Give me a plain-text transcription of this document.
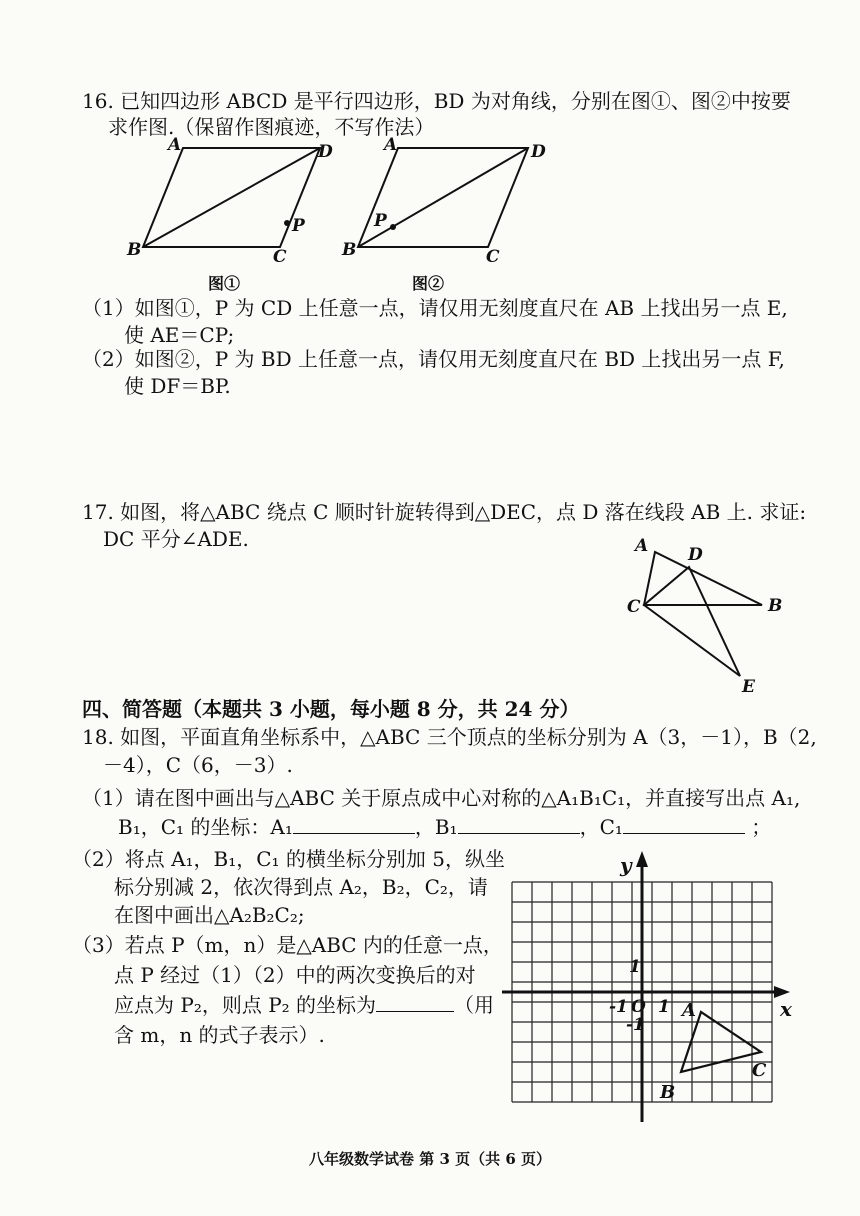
16. 已知四边形 ABCD 是平行四边形，BD 为对角线，分别在图①、图②中按要
求作图.（保留作图痕迹，不写作法）
A
B	C
D
P
图①
A
B	C
D
P
图②
（1）如图①，P 为 CD 上任意一点，请仅用无刻度直尺在 AB 上找出另一点 E,
使 AE＝CP;
（2）如图②，P 为 BD 上任意一点，请仅用无刻度直尺在 BD 上找出另一点 F,
使 DF＝BP.
17. 如图，将△ABC 绕点 C 顺时针旋转得到△DEC，点 D 落在线段 AB 上. 求证:
DC 平分∠ADE.	A
B
C
D
E
四、简答题（本题共 3 小题，每小题 8 分，共 24 分）
18. 如图，平面直角坐标系中，△ABC 三个顶点的坐标分别为 A（3，－1），B（2,
－4），C（6，－3）.
（1）请在图中画出与△ABC 关于原点成中心对称的△A₁B₁C₁，并直接写出点 A₁,
B₁，C₁ 的坐标：A₁	，B₁	，C₁	；
（2）将点 A₁，B₁，C₁ 的横坐标分别加 5，纵坐
标分别减 2，依次得到点 A₂，B₂，C₂，请
在图中画出△A₂B₂C₂;
（3）若点 P（m，n）是△ABC 内的任意一点，
点 P 经过（1）（2）中的两次变换后的对
应点为 P₂，则点 P₂ 的坐标为	（用
含 m，n 的式子表示）.
x
y
1
1
-1
-1
O A
B
C
八年级数学试卷 第 3 页（共 6 页）
